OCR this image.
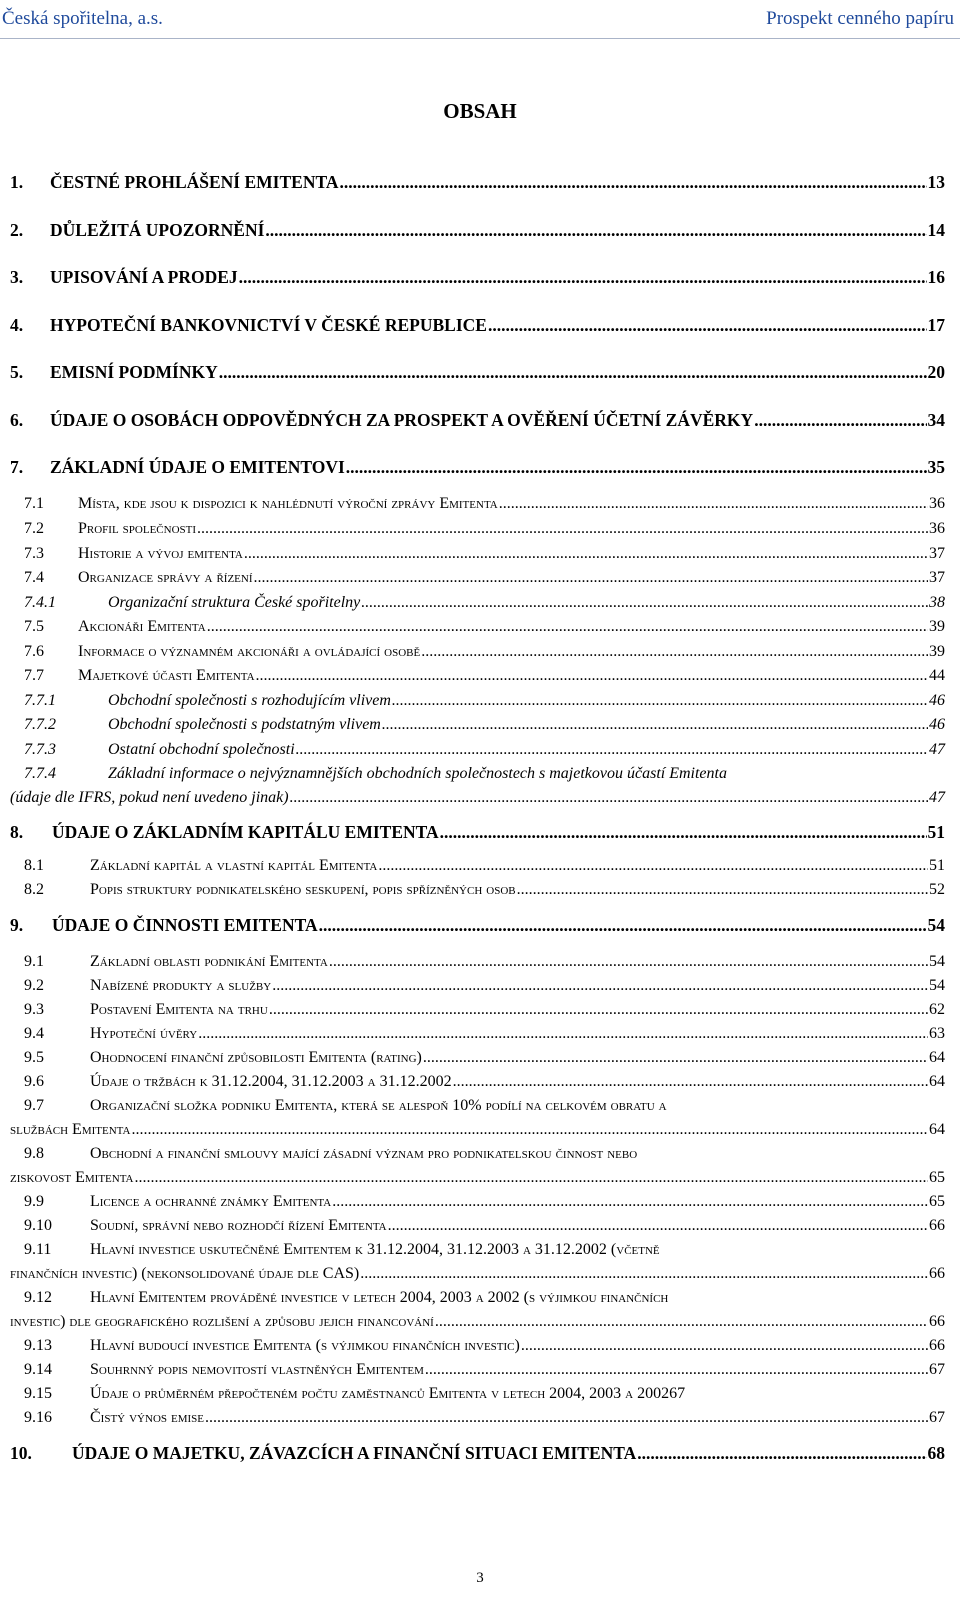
Česká spořitelna, a.s.	Prospekt cenného papíru
OBSAH
1.	ČESTNÉ PROHLÁŠENÍ EMITENTA .....	13
2.	DŮLEŽITÁ UPOZORNĚNÍ .....	14
3.	UPISOVÁNÍ A PRODEJ .....	16
4.	HYPOTEČNÍ BANKOVNICTVÍ V ČESKÉ REPUBLICE .....	17
5.	EMISNÍ PODMÍNKY .....	20
6.	ÚDAJE O OSOBÁCH ODPOVĚDNÝCH ZA PROSPEKT A OVĚŘENÍ ÚČETNÍ ZÁVĚRKY .....	34
7.	ZÁKLADNÍ ÚDAJE O EMITENTOVI .....	35
7.1	Místa, kde jsou k dispozici k nahlédnutí výroční zprávy Emitenta .....	36
7.2	Profil společnosti .....	36
7.3	Historie a vývoj emitenta .....	37
7.4	Organizace správy a řízení .....	37
7.4.1	Organizační struktura České spořitelny .....	38
7.5	Akcionáři Emitenta .....	39
7.6	Informace o významném akcionáři a ovládající osobě .....	39
7.7	Majetkové účasti Emitenta .....	44
7.7.1	Obchodní společnosti s rozhodujícím vlivem .....	46
7.7.2	Obchodní společnosti s podstatným vlivem .....	46
7.7.3	Ostatní obchodní společnosti .....	47
7.7.4	Základní informace o nejvýznamnějších obchodních společnostech s majetkovou účastí Emitenta
(údaje dle IFRS, pokud není uvedeno jinak) .....	47
8.	ÚDAJE O ZÁKLADNÍM KAPITÁLU EMITENTA .....	51
8.1	Základní kapitál a vlastní kapitál Emitenta .....	51
8.2	Popis struktury podnikatelského seskupení, popis spřízněných osob .....	52
9.	ÚDAJE O ČINNOSTI EMITENTA .....	54
9.1	Základní oblasti podnikání Emitenta .....	54
9.2	Nabízené produkty a služby .....	54
9.3	Postavení Emitenta na trhu .....	62
9.4	Hypoteční úvěry .....	63
9.5	Ohodnocení finanční způsobilosti Emitenta (rating) .....	64
9.6	Údaje o tržbách k 31.12.2004, 31.12.2003 a 31.12.2002 .....	64
9.7	Organizační složka podniku Emitenta, která se alespoň 10% podílí na celkovém obratu a
službách Emitenta .....	64
9.8	Obchodní a finanční smlouvy mající zásadní význam pro podnikatelskou činnost nebo
ziskovost Emitenta .....	65
9.9	Licence a ochranné známky Emitenta .....	65
9.10	Soudní, správní nebo rozhodčí řízení Emitenta .....	66
9.11 Hlavní investice uskutečněné Emitentem k 31.12.2004, 31.12.2003 a 31.12.2002 (včetně
finančních investic) (nekonsolidované údaje dle CAS) .....	66
9.12 Hlavní Emitentem prováděné investice v letech 2004, 2003 a 2002 (s výjimkou finančních
investic) dle geografického rozlišení a způsobu jejich financování .....	66
9.13	Hlavní budoucí investice Emitenta (s výjimkou finančních investic) .....	66
9.14	Souhrnný popis nemovitostí vlastněných Emitentem .....	67
9.15 Údaje o průměrném přepočteném počtu zaměstnanců Emitenta v letech 2004, 2003 a 200267
9.16	Čistý výnos emise .....	67
10.	ÚDAJE O MAJETKU, ZÁVAZCÍCH A FINANČNÍ SITUACI EMITENTA .....	68
3
